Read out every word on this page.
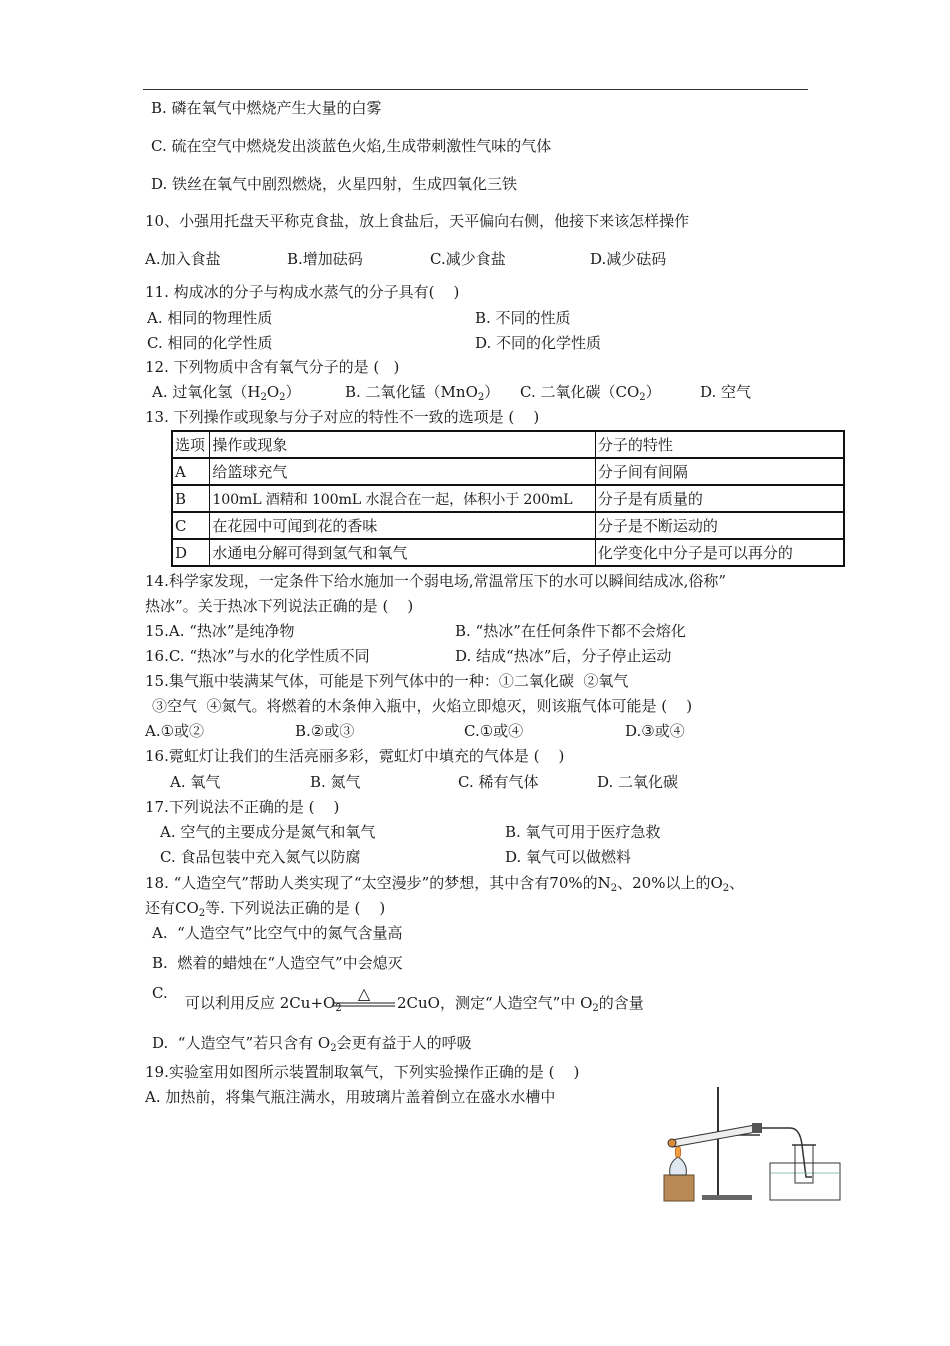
B. 磷在氧气中燃烧产生大量的白雾
C. 硫在空气中燃烧发出淡蓝色火焰,生成带刺激性气味的气体
D. 铁丝在氧气中剧烈燃烧，火星四射，生成四氧化三铁
10、小强用托盘天平称克食盐，放上食盐后，天平偏向右侧，他接下来该怎样操作
A.加入食盐	B.增加砝码	C.减少食盐	D.减少砝码
11. 构成冰的分子与构成水蒸气的分子具有(    )
A. 相同的物理性质	B. 不同的性质
C. 相同的化学性质	D. 不同的化学性质
12. 下列物质中含有氧气分子的是 (   )
A. 过氧化氢$(H_2O_2)$	B. 二氧化锰（MnO$_2$） C. 二氧化碳$(CO_2)$	D. 空气
13. 下列操作或现象与分子对应的特性不一致的选项是 (    )
选项	操作或现象	分子的特性
A	给篮球充气	分子间有间隔
B	100mL 酒精和 100mL 水混合在一起，体积小于 200mL	分子是有质量的
C	在花园中可闻到花的香味	分子是不断运动的
D	水通电分解可得到氢气和氧气	化学变化中分子是可以再分的
14.科学家发现，一定条件下给水施加一个弱电场,常温常压下的水可以瞬间结成冰,俗称”
热冰”。关于热冰下列说法正确的是 (    )
15.A. “热冰”是纯净物	B. “热冰”在任何条件下都不会熔化
16.C. “热冰”与水的化学性质不同	D. 结成“热冰”后，分子停止运动
15.集气瓶中装满某气体，可能是下列气体中的一种：①二氧化碳  ②氧气
③空气  ④氮气。将燃着的木条伸入瓶中，火焰立即熄灭，则该瓶气体可能是 (    )
A.①或②	B.②或③	C.①或④	D.③或④
16.霓虹灯让我们的生活亮丽多彩，霓虹灯中填充的气体是 (    )
A. 氧气	B. 氮气	C. 稀有气体	D. 二氧化碳
17.下列说法不正确的是 (    )
A. 空气的主要成分是氮气和氧气	B. 氧气可用于医疗急救
C. 食品包装中充入氮气以防腐	D. 氧气可以做燃料
18. “人造空气”帮助人类实现了“太空漫步”的梦想，其中含有70%的$N_2$、20%以上的$O_2$、
还有$CO_2$等. 下列说法正确的是 (    )
A.  “人造空气”比空气中的氮气含量高
B.  燃着的蜡烛在“人造空气”中会熄灭
C.
可以利用反应 $2Cu+O_2$
△ 2CuO，测定“人造空气”中 $O_2$的含量
D.  “人造空气”若只含有 $O_2$会更有益于人的呼吸
19.实验室用如图所示装置制取氧气，下列实验操作正确的是 (    )
A. 加热前，将集气瓶注满水，用玻璃片盖着倒立在盛水水槽中
